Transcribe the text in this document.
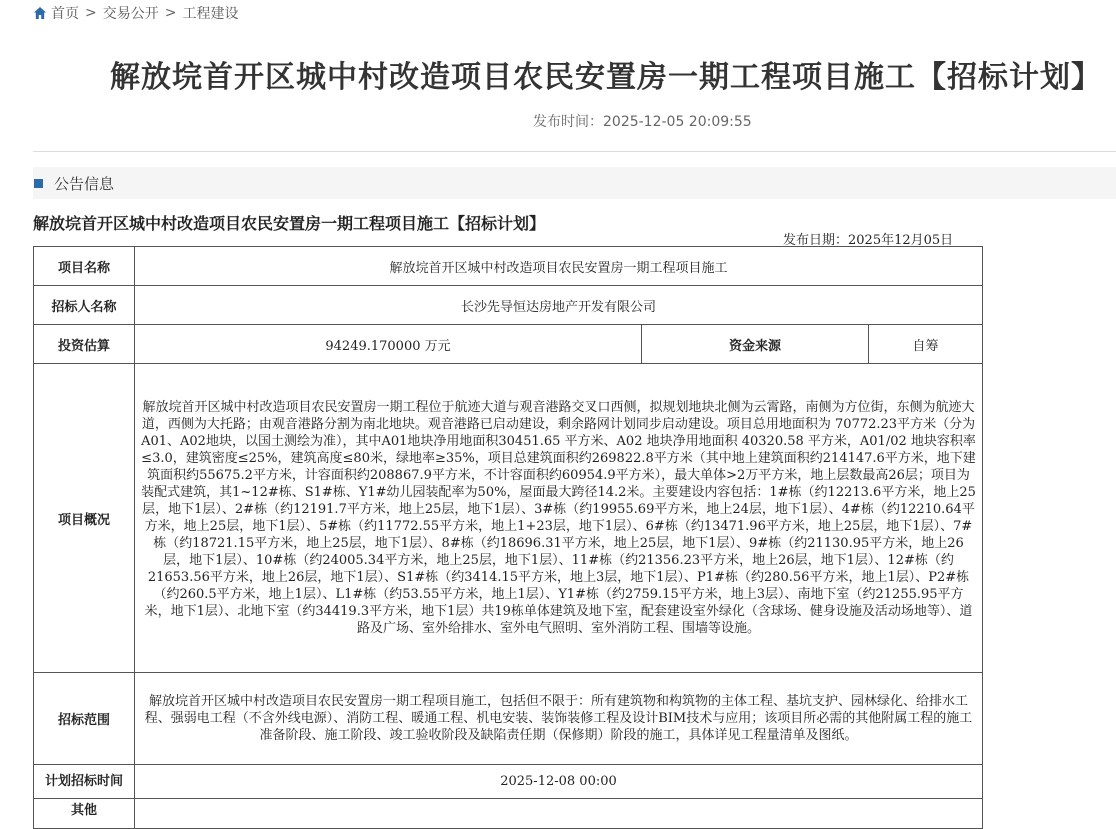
首页 > 交易公开 > 工程建设
解放垸首开区城中村改造项目农民安置房一期工程项目施工【招标计划】
发布时间：2025-12-05 20:09:55
公告信息
解放垸首开区城中村改造项目农民安置房一期工程项目施工【招标计划】
发布日期：2025年12月05日
项目名称	解放垸首开区城中村改造项目农民安置房一期工程项目施工		
招标人名称	长沙先导恒达房地产开发有限公司		
投资估算	94249.170000 万元	资金来源	自筹
项目概况	解放垸首开区城中村改造项目农民安置房一期工程位于航迹大道与观音港路交叉口西侧，拟规划地块北侧为云霄路，南侧为方位街，东侧为航迹大道，西侧为大托路；由观音港路分割为南北地块。观音港路已启动建设，剩余路网计划同步启动建设。项目总用地面积为 70772.23平方米（分为 A01、A02地块，以国土测绘为准），其中A01地块净用地面积30451.65 平方米、A02 地块净用地面积 40320.58 平方米，A01/02 地块容积率≤3.0，建筑密度≤25%，建筑高度≤80米，绿地率≥35%，项目总建筑面积约269822.8平方米（其中地上建筑面积约214147.6平方米，地下建筑面积约55675.2平方米，计容面积约208867.9平方米，不计容面积约60954.9平方米），最大单体>2万平方米，地上层数最高26层；项目为装配式建筑，其1~12#栋、S1#栋、Y1#幼儿园装配率为50%，屋面最大跨径14.2米。主要建设内容包括：1#栋（约12213.6平方米，地上25层，地下1层）、2#栋（约12191.7平方米，地上25层，地下1层）、3#栋（约19955.69平方米，地上24层，地下1层）、4#栋（约12210.64平方米，地上25层，地下1层）、5#栋（约11772.55平方米，地上1+23层，地下1层）、6#栋（约13471.96平方米，地上25层，地下1层）、7#栋（约18721.15平方米，地上25层，地下1层）、8#栋（约18696.31平方米，地上25层，地下1层）、9#栋（约21130.95平方米，地上26层，地下1层）、10#栋（约24005.34平方米，地上25层，地下1层）、11#栋（约21356.23平方米，地上26层，地下1层）、12#栋（约21653.56平方米，地上26层，地下1层）、S1#栋（约3414.15平方米，地上3层，地下1层）、P1#栋（约280.56平方米，地上1层）、P2#栋（约260.5平方米，地上1层）、L1#栋（约53.55平方米，地上1层）、Y1#栋（约2759.15平方米，地上3层）、南地下室（约21255.95平方米，地下1层）、北地下室（约34419.3平方米，地下1层）共19栋单体建筑及地下室，配套建设室外绿化（含球场、健身设施及活动场地等）、道路及广场、室外给排水、室外电气照明、室外消防工程、围墙等设施。		
招标范围	解放垸首开区城中村改造项目农民安置房一期工程项目施工，包括但不限于：所有建筑物和构筑物的主体工程、基坑支护、园林绿化、给排水工程、强弱电工程（不含外线电源）、消防工程、暖通工程、机电安装、装饰装修工程及设计BIM技术与应用；该项目所必需的其他附属工程的施工准备阶段、施工阶段、竣工验收阶段及缺陷责任期（保修期）阶段的施工，具体详见工程量清单及图纸。		
计划招标时间	2025-12-08 00:00		
其他			
